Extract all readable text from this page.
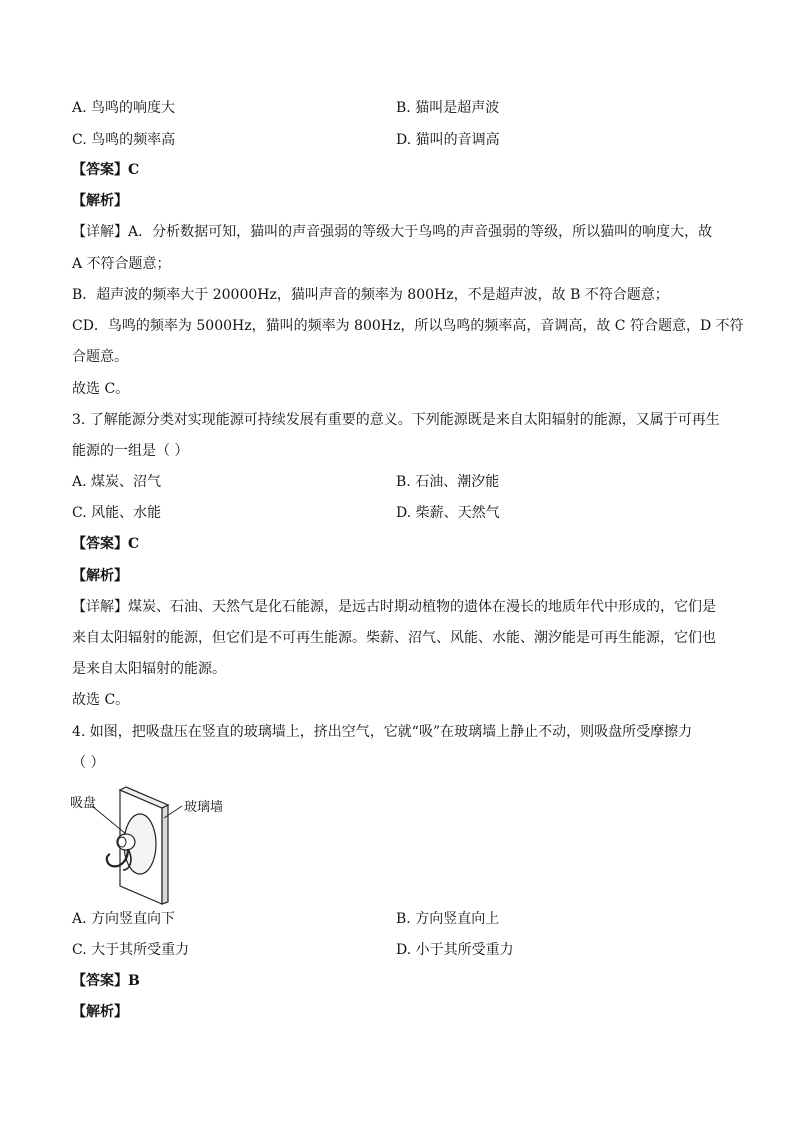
A. 鸟鸣的响度大	B. 猫叫是超声波
C. 鸟鸣的频率高	D. 猫叫的音调高
【答案】C
【解析】
【详解】A．分析数据可知，猫叫的声音强弱的等级大于鸟鸣的声音强弱的等级，所以猫叫的响度大，故
A 不符合题意；
B．超声波的频率大于 20000Hz，猫叫声音的频率为 800Hz，不是超声波，故 B 不符合题意；
CD．鸟鸣的频率为 5000Hz，猫叫的频率为 800Hz，所以鸟鸣的频率高，音调高，故 C 符合题意，D 不符
合题意。
故选 C。
3. 了解能源分类对实现能源可持续发展有重要的意义。下列能源既是来自太阳辐射的能源，又属于可再生
能源的一组是（ ）
A. 煤炭、沼气	B. 石油、潮汐能
C. 风能、水能	D. 柴薪、天然气
【答案】C
【解析】
【详解】煤炭、石油、天然气是化石能源，是远古时期动植物的遗体在漫长的地质年代中形成的，它们是
来自太阳辐射的能源，但它们是不可再生能源。柴薪、沼气、风能、水能、潮汐能是可再生能源，它们也
是来自太阳辐射的能源。
故选 C。
4. 如图，把吸盘压在竖直的玻璃墙上，挤出空气，它就“吸”在玻璃墙上静止不动，则吸盘所受摩擦力
（ ）
吸盘	玻璃墙
A. 方向竖直向下	B. 方向竖直向上
C. 大于其所受重力	D. 小于其所受重力
【答案】B
【解析】
